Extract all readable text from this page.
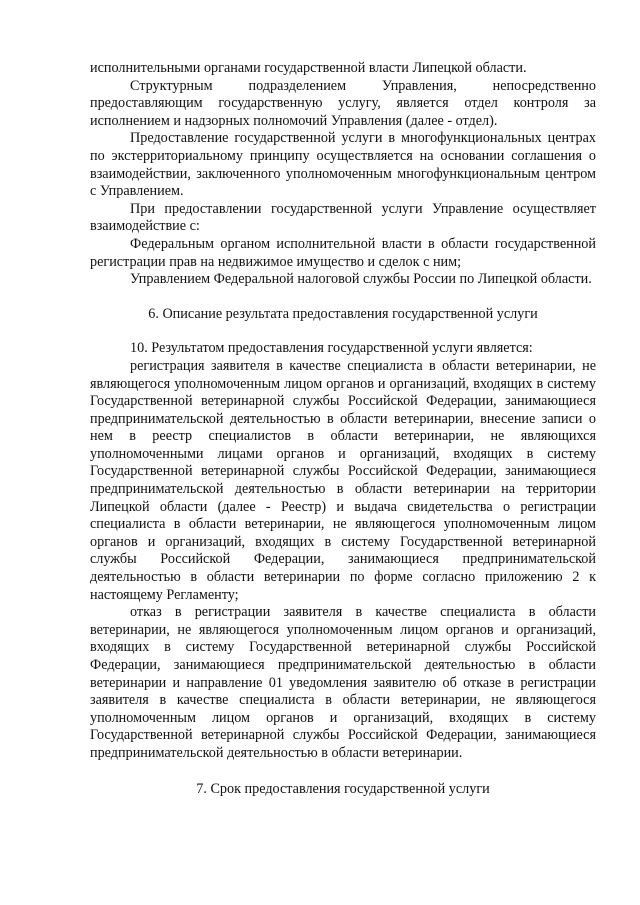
исполнительными органами государственной власти Липецкой области.

Структурным подразделением Управления, непосредственно предоставляющим государственную услугу, является отдел контроля за исполнением и надзорных полномочий Управления (далее - отдел).

Предоставление государственной услуги в многофункциональных центрах по экстерриториальному принципу осуществляется на основании соглашения о взаимодействии, заключенного уполномоченным многофункциональным центром с Управлением.

При предоставлении государственной услуги Управление осуществляет взаимодействие с:

Федеральным органом исполнительной власти в области государственной регистрации прав на недвижимое имущество и сделок с ним;

Управлением Федеральной налоговой службы России по Липецкой области.

6. Описание результата предоставления государственной услуги

10. Результатом предоставления государственной услуги является:

регистрация заявителя в качестве специалиста в области ветеринарии, не являющегося уполномоченным лицом органов и организаций, входящих в систему Государственной ветеринарной службы Российской Федерации, занимающиеся предпринимательской деятельностью в области ветеринарии, внесение записи о нем в реестр специалистов в области ветеринарии, не являющихся уполномоченными лицами органов и организаций, входящих в систему Государственной ветеринарной службы Российской Федерации, занимающиеся предпринимательской деятельностью в области ветеринарии на территории Липецкой области (далее - Реестр) и выдача свидетельства о регистрации специалиста в области ветеринарии, не являющегося уполномоченным лицом органов и организаций, входящих в систему Государственной ветеринарной службы Российской Федерации, занимающиеся предпринимательской деятельностью в области ветеринарии по форме согласно приложению 2 к настоящему Регламенту;

отказ в регистрации заявителя в качестве специалиста в области ветеринарии, не являющегося уполномоченным лицом органов и организаций, входящих в систему Государственной ветеринарной службы Российской Федерации, занимающиеся предпринимательской деятельностью в области ветеринарии и направление 01 уведомления заявителю об отказе в регистрации заявителя в качестве специалиста в области ветеринарии, не являющегося уполномоченным лицом органов и организаций, входящих в систему Государственной ветеринарной службы Российской Федерации, занимающиеся предпринимательской деятельностью в области ветеринарии.

7. Срок предоставления государственной услуги
